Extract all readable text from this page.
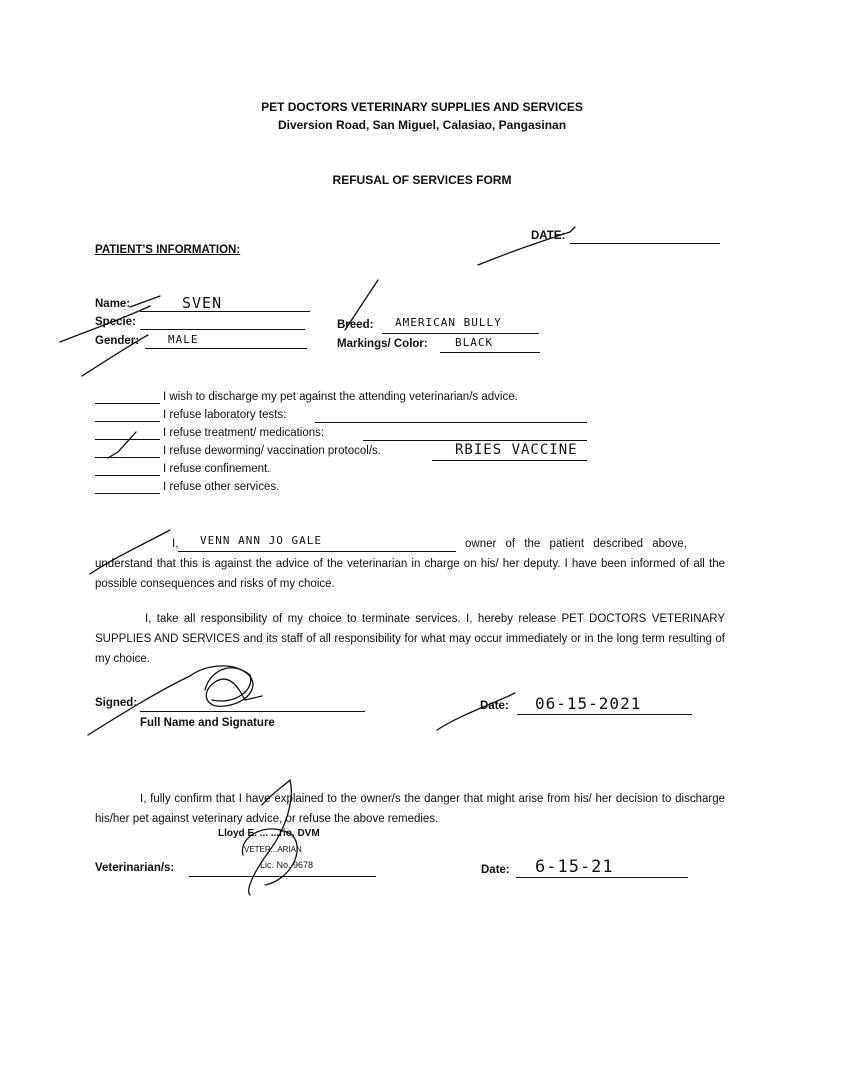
PET DOCTORS VETERINARY SUPPLIES AND SERVICES
Diversion Road, San Miguel, Calasiao, Pangasinan
REFUSAL OF SERVICES FORM
DATE:
PATIENT'S INFORMATION:
Name:	SVEN
Specie:
Gender:	MALE
Breed: AMERICAN BULLY
Markings/ Color: BLACK
I wish to discharge my pet against the attending veterinarian/s advice.
I refuse laboratory tests:
I refuse treatment/ medications:
I refuse deworming/ vaccination protocol/s.	RBIES VACCINE
I refuse confinement.
I refuse other services.
I, VENN ANN JO GALE	owner of the patient described above,
understand that this is against the advice of the veterinarian in charge on his/ her deputy. I have been informed of all the possible consequences and risks of my choice.
I, take all responsibility of my choice to terminate services. I, hereby release PET DOCTORS VETERINARY SUPPLIES AND SERVICES and its staff of all responsibility for what may occur immediately or in the long term resulting of my choice.
Signed:
Full Name and Signature
Date: 06-15-2021
I, fully confirm that I have explained to the owner/s the danger that might arise from his/ her decision to discharge his/her pet against veterinary advice, or refuse the above remedies.
Lloyd E. ... ...rio, DVM
VETER...ARIAN
Lic. No. 9678
Veterinarian/s:	Date: 6-15-21
